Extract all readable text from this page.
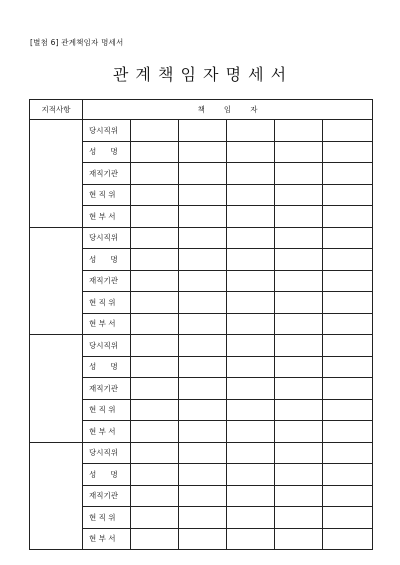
[별첨 6] 관계책임자 명세서
관 계 책 임 자 명 세 서
지적사항	책        임        자					
	당시직위					
	성      명					
	재직기관					
	현 직 위					
	현 부 서					
	당시직위					
	성      명					
	재직기관					
	현 직 위					
	현 부 서					
	당시직위					
	성      명					
	재직기관					
	현 직 위					
	현 부 서					
	당시직위					
	성      명					
	재직기관					
	현 직 위					
	현 부 서					
